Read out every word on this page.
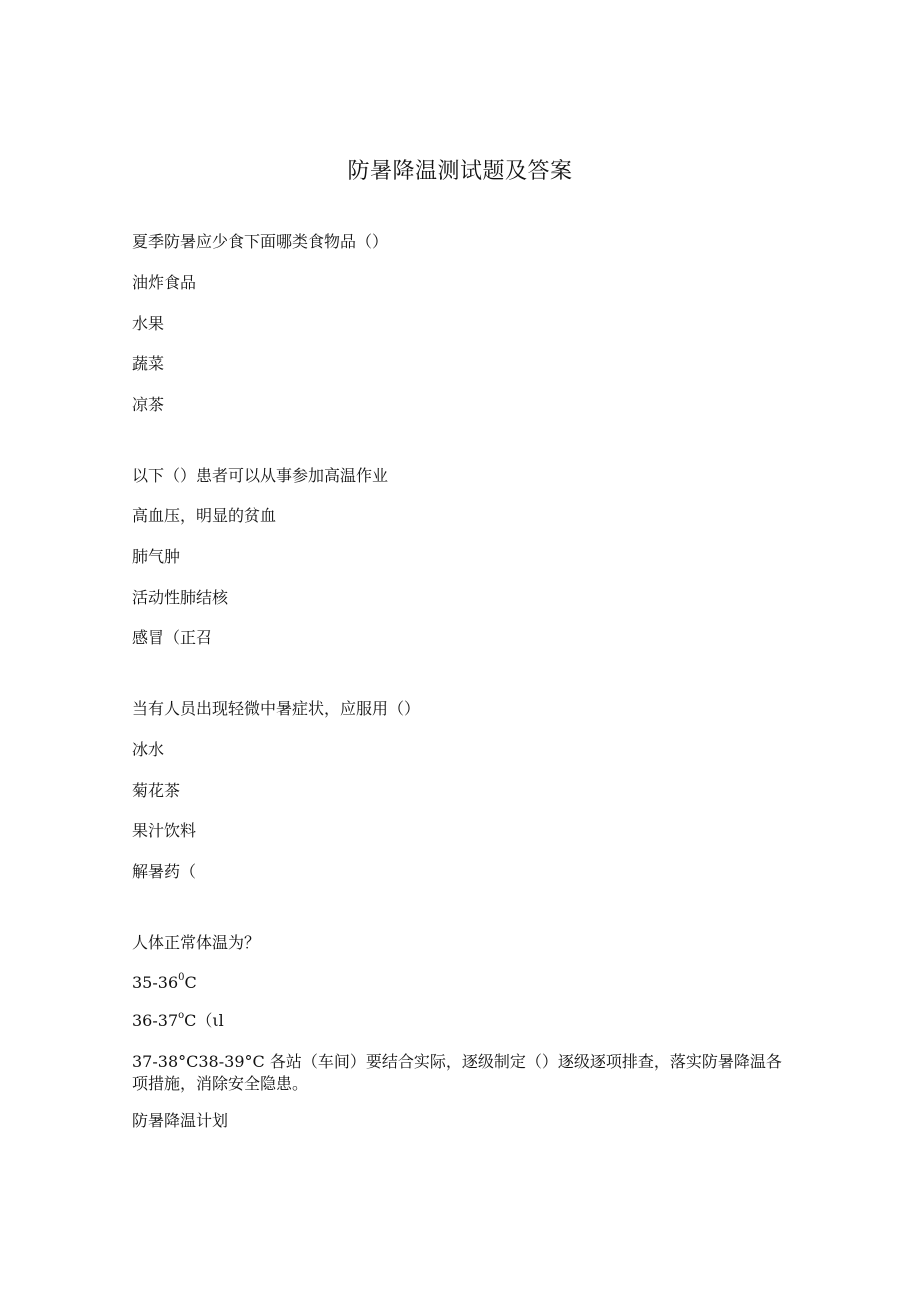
防暑降温测试题及答案
夏季防暑应少食下面哪类食物品（）
油炸食品
水果
蔬菜
凉茶
以下（）患者可以从事参加高温作业
高血压，明显的贫血
肺气肿
活动性肺结核
感冒（正召
当有人员出现轻微中暑症状，应服用（）
冰水
菊花茶
果汁饮料
解暑药（
人体正常体温为？
$35-36^0C$
36-37$^o$C（ιl
37-38°C38-39°C 各站（车间）要结合实际，逐级制定（）逐级逐项排查，落实防暑降温各项措施，消除安全隐患。
防暑降温计划
